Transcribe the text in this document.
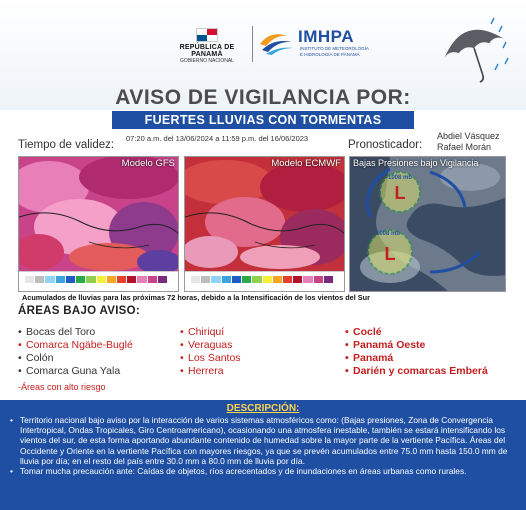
REPÚBLICA DE PANAMÁ
GOBIERNO NACIONAL
IMHPA
INSTITUTO DE METEOROLOGÍA E HIDROLOGÍA DE PANAMÁ
AVISO DE VIGILANCIA POR:
FUERTES LLUVIAS CON TORMENTAS
Tiempo de validez:
07:20 a.m. del 13/06/2024 a 11:59 p.m. del 16/06/2023
Pronosticador:
Abdiel Vásquez
Rafael Morán
Modelo GFS	Modelo ECMWF
L
L
1008 mb
1008 mb
Bajas Presiones bajo Vigilancia
Acumulados de lluvias para las próximas 72 horas, debido a la Intensificación de los vientos del Sur
ÁREAS BAJO AVISO:
• Bocas del Toro
• Comarca Ngäbe-Buglé
• Colón
• Comarca Guna Yala
• Chiriquí
• Veraguas
• Los Santos
• Herrera
• Coclé
• Panamá Oeste
• Panamá
• Darién y comarcas Emberá
-Áreas con alto riesgo
DESCRIPCIÓN:
• Territorio nacional bajo aviso por la interacción de varios sistemas atmosféricos como: (Bajas presiones, Zona de Convergencia Intertropical, Ondas Tropicales, Giro Centroamericano), ocasionando una atmosfera inestable, también se estará intensificando los vientos del sur, de esta forma aportando abundante contenido de humedad sobre la mayor parte de la vertiente Pacífica. Áreas del Occidente y Oriente en la vertiente Pacífica con mayores riesgos, ya que se prevén acumulados entre 75.0 mm hasta 150.0 mm de lluvia por día; en el resto del país entre 30.0 mm a 80.0 mm de lluvia por día.
• Tomar mucha precaución ante: Caídas de objetos, ríos acrecentados y de inundaciones en áreas urbanas como rurales.
